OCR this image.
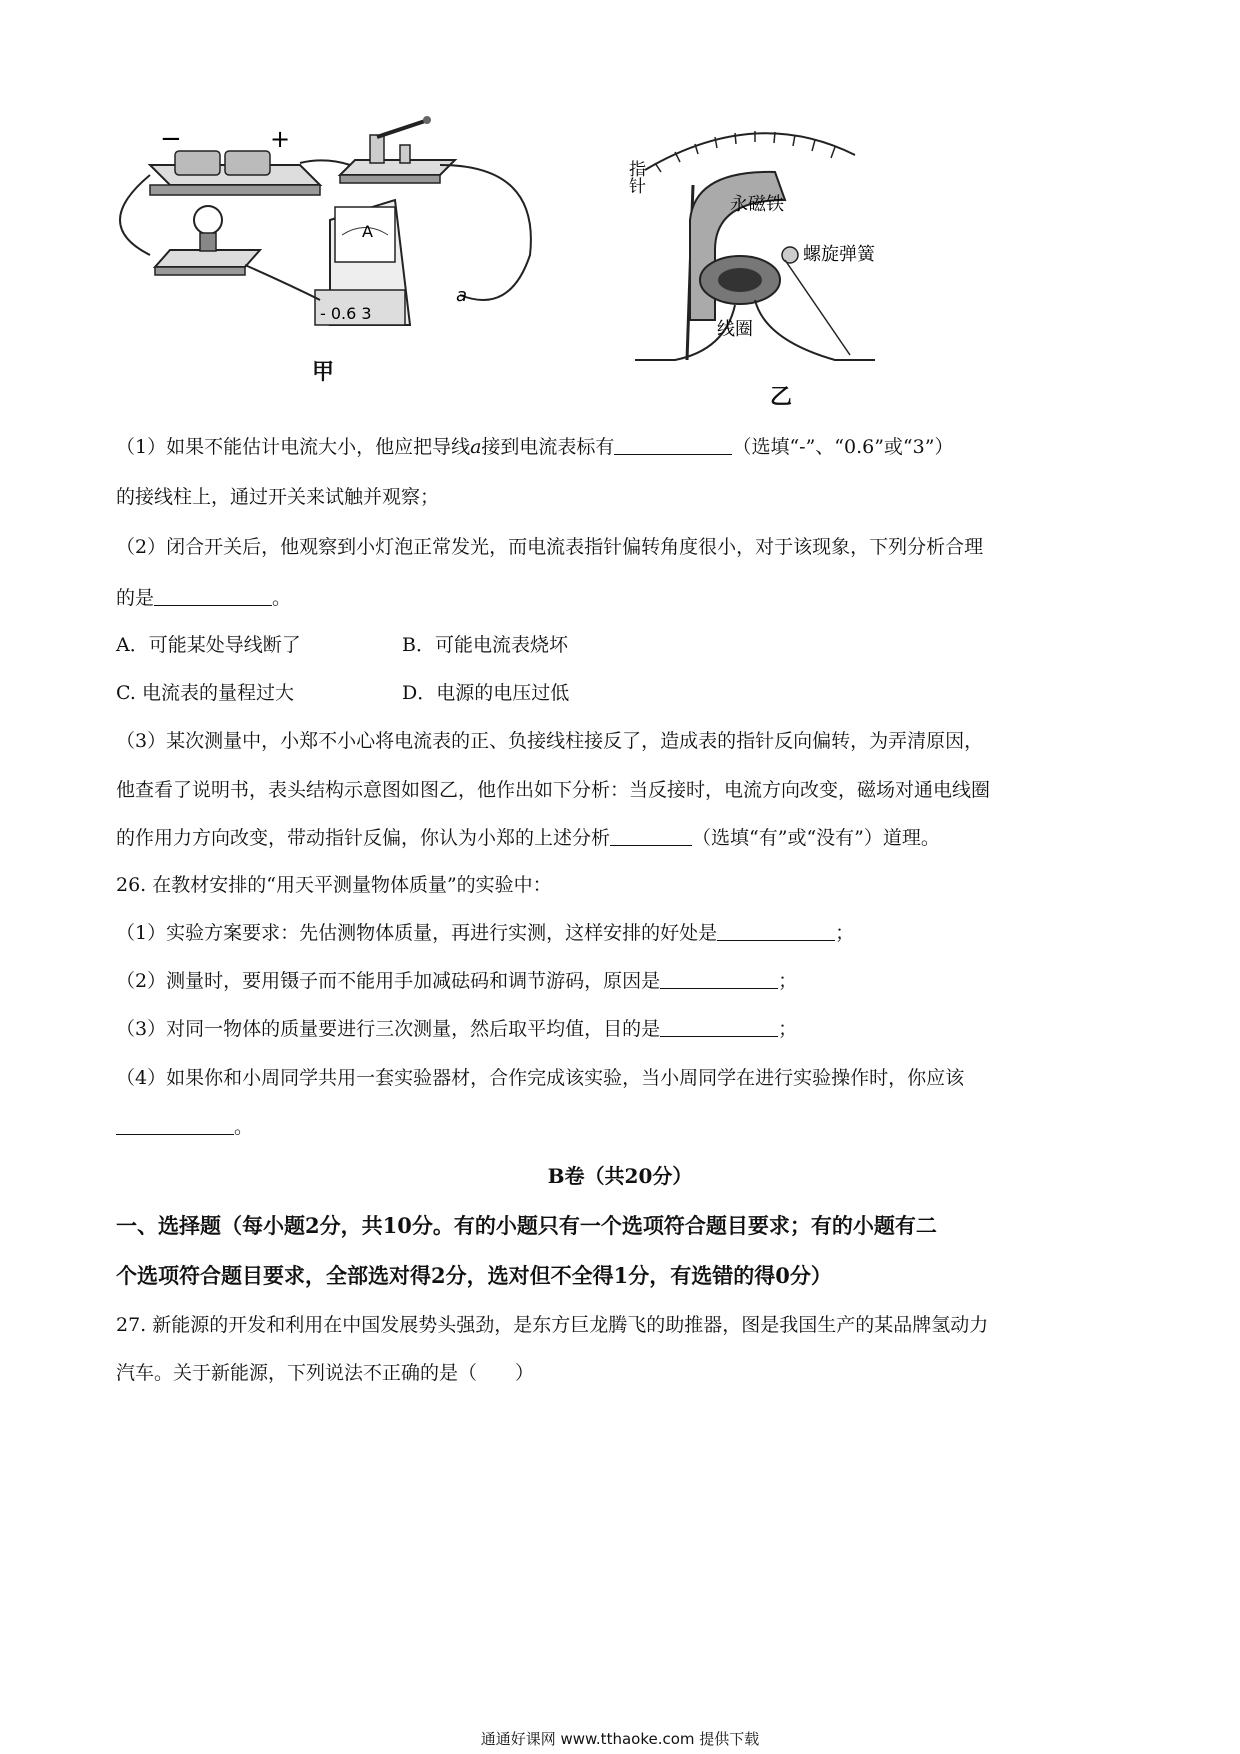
−	+
A
- 0.6 3
a
甲
指针
永磁铁
螺旋弹簧
线圈
乙
（1）如果不能估计电流大小，他应把导线a接到电流表标有	（选填“-”、“0.6”或“3”）
的接线柱上，通过开关来试触并观察；
（2）闭合开关后，他观察到小灯泡正常发光，而电流表指针偏转角度很小，对于该现象，下列分析合理
的是	。
A．可能某处导线断了	B．可能电流表烧坏
C. 电流表的量程过大	D．电源的电压过低
（3）某次测量中，小郑不小心将电流表的正、负接线柱接反了，造成表的指针反向偏转，为弄清原因，
他查看了说明书，表头结构示意图如图乙，他作出如下分析：当反接时，电流方向改变，磁场对通电线圈
的作用力方向改变，带动指针反偏，你认为小郑的上述分析	（选填“有”或“没有”）道理。
26. 在教材安排的“用天平测量物体质量”的实验中：
（1）实验方案要求：先估测物体质量，再进行实测，这样安排的好处是	；
（2）测量时，要用镊子而不能用手加减砝码和调节游码，原因是	；
（3）对同一物体的质量要进行三次测量，然后取平均值，目的是	；
（4）如果你和小周同学共用一套实验器材，合作完成该实验，当小周同学在进行实验操作时，你应该
。
B卷（共20分）
一、选择题（每小题2分，共10分。有的小题只有一个选项符合题目要求；有的小题有二
个选项符合题目要求，全部选对得2分，选对但不全得1分，有选错的得0分）
27. 新能源的开发和利用在中国发展势头强劲，是东方巨龙腾飞的助推器，图是我国生产的某品牌氢动力
汽车。关于新能源，下列说法不正确的是（　　）
通通好课网 www.tthaoke.com 提供下载
